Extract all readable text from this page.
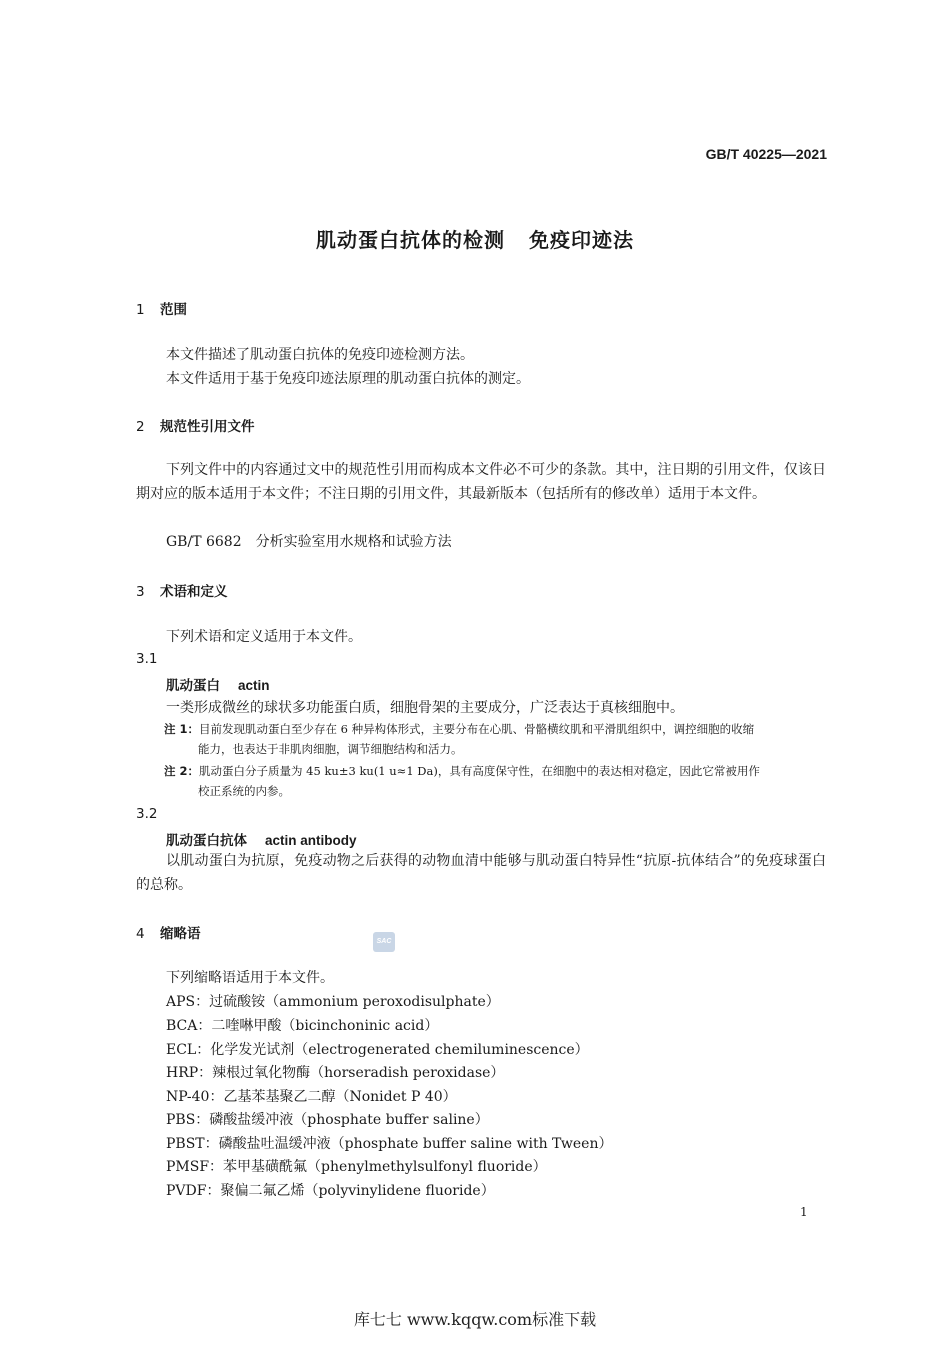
GB/T 40225—2021
肌动蛋白抗体的检测 免疫印迹法
1 范围
本文件描述了肌动蛋白抗体的免疫印迹检测方法。
本文件适用于基于免疫印迹法原理的肌动蛋白抗体的测定。
2 规范性引用文件
下列文件中的内容通过文中的规范性引用而构成本文件必不可少的条款。其中，注日期的引用文件，仅该日期对应的版本适用于本文件；不注日期的引用文件，其最新版本（包括所有的修改单）适用于本文件。
GB/T 6682　分析实验室用水规格和试验方法
3 术语和定义
下列术语和定义适用于本文件。
3.1
肌动蛋白 actin
一类形成微丝的球状多功能蛋白质，细胞骨架的主要成分，广泛表达于真核细胞中。
注 1：目前发现肌动蛋白至少存在 6 种异构体形式，主要分布在心肌、骨骼横纹肌和平滑肌组织中，调控细胞的收缩
能力，也表达于非肌肉细胞，调节细胞结构和活力。
注 2：肌动蛋白分子质量为 45 ku±3 ku(1 u≈1 Da)，具有高度保守性，在细胞中的表达相对稳定，因此它常被用作
校正系统的内参。
3.2
肌动蛋白抗体 actin antibody
以肌动蛋白为抗原，免疫动物之后获得的动物血清中能够与肌动蛋白特异性“抗原-抗体结合”的免疫球蛋白的总称。
4 缩略语	SAC
下列缩略语适用于本文件。
APS：过硫酸铵（ammonium peroxodisulphate）
BCA：二喹啉甲酸（bicinchoninic acid）
ECL：化学发光试剂（electrogenerated chemiluminescence）
HRP：辣根过氧化物酶（horseradish peroxidase）
NP-40：乙基苯基聚乙二醇（Nonidet P 40）
PBS：磷酸盐缓冲液（phosphate buffer saline）
PBST：磷酸盐吐温缓冲液（phosphate buffer saline with Tween）
PMSF：苯甲基磺酰氟（phenylmethylsulfonyl fluoride）
PVDF：聚偏二氟乙烯（polyvinylidene fluoride）
1
库七七 www.kqqw.com标准下载
